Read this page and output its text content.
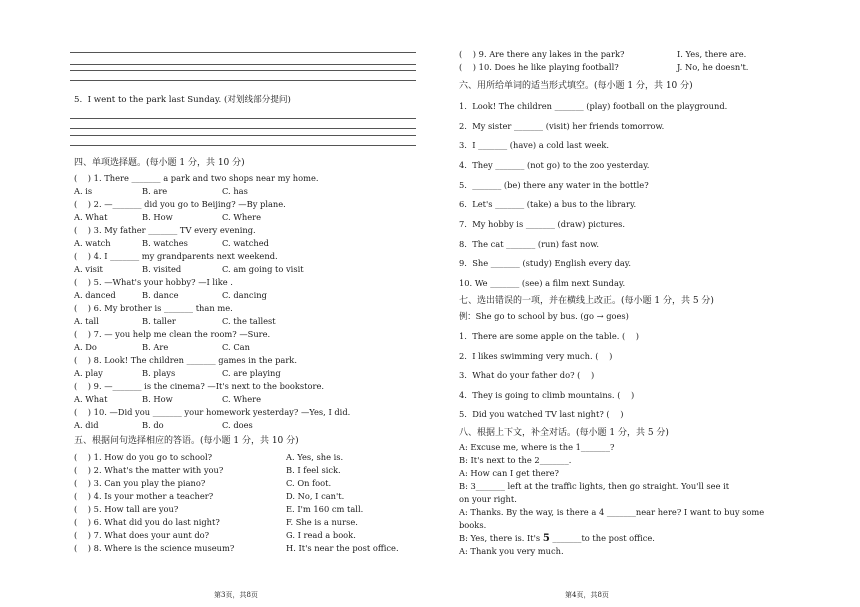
5.  I went to the park last Sunday. (对划线部分提问)
四、单项选择题。(每小题 1 分，共 10 分)
(    ) 1. There _______ a park and two shops near my home.
A. is	B. are	C. has
(    ) 2. —_______ did you go to Beijing? —By plane.
A. What	B. How	C. Where
(    ) 3. My father _______ TV every evening.
A. watch	B. watches	C. watched
(    ) 4. I _______ my grandparents next weekend.
A. visit	B. visited	C. am going to visit
(    ) 5. —What's your hobby? —I like .
A. danced	B. dance	C. dancing
(    ) 6. My brother is _______ than me.
A. tall	B. taller	C. the tallest
(    ) 7. — you help me clean the room? —Sure.
A. Do	B. Are	C. Can
(    ) 8. Look! The children _______ games in the park.
A. play	B. plays	C. are playing
(    ) 9. —_______ is the cinema? —It's next to the bookstore.
A. What	B. How	C. Where
(    ) 10. —Did you _______ your homework yesterday? —Yes, I did.
A. did	B. do	C. does
五、根据问句选择相应的答语。(每小题 1 分，共 10 分)
(    ) 1. How do you go to school?	A. Yes, she is.
(    ) 2. What's the matter with you?	B. I feel sick.
(    ) 3. Can you play the piano?	C. On foot.
(    ) 4. Is your mother a teacher?	D. No, I can't.
(    ) 5. How tall are you?	E. I'm 160 cm tall.
(    ) 6. What did you do last night?	F. She is a nurse.
(    ) 7. What does your aunt do?	G. I read a book.
(    ) 8. Where is the science museum?	H. It's near the post office.
第3页，共8页
(    ) 9. Are there any lakes in the park?	I. Yes, there are.
(    ) 10. Does he like playing football?	J. No, he doesn't.
六、用所给单词的适当形式填空。(每小题 1 分，共 10 分)
1.  Look! The children _______ (play) football on the playground.
2.  My sister _______ (visit) her friends tomorrow.
3.  I _______ (have) a cold last week.
4.  They _______ (not go) to the zoo yesterday.
5.  _______ (be) there any water in the bottle?
6.  Let's _______ (take) a bus to the library.
7.  My hobby is _______ (draw) pictures.
8.  The cat _______ (run) fast now.
9.  She _______ (study) English every day.
10. We _______ (see) a film next Sunday.
七、选出错误的一项，并在横线上改正。(每小题 1 分，共 5 分)
例：She go to school by bus. (go → goes)
1.  There are some apple on the table. (    )
2.  I likes swimming very much. (    )
3.  What do your father do? (    )
4.  They is going to climb mountains. (    )
5.  Did you watched TV last night? (    )
八、根据上下文，补全对话。(每小题 1 分，共 5 分)
A: Excuse me, where is the 1_______?
B: It's next to the 2_______.
A: How can I get there?
B: 3_______ left at the traffic lights, then go straight. You'll see it
on your right.
A: Thanks. By the way, is there a 4 _______near here? I want to buy some
books.
B: Yes, there is. It's 5 _______to the post office.
A: Thank you very much.
第4页，共8页
